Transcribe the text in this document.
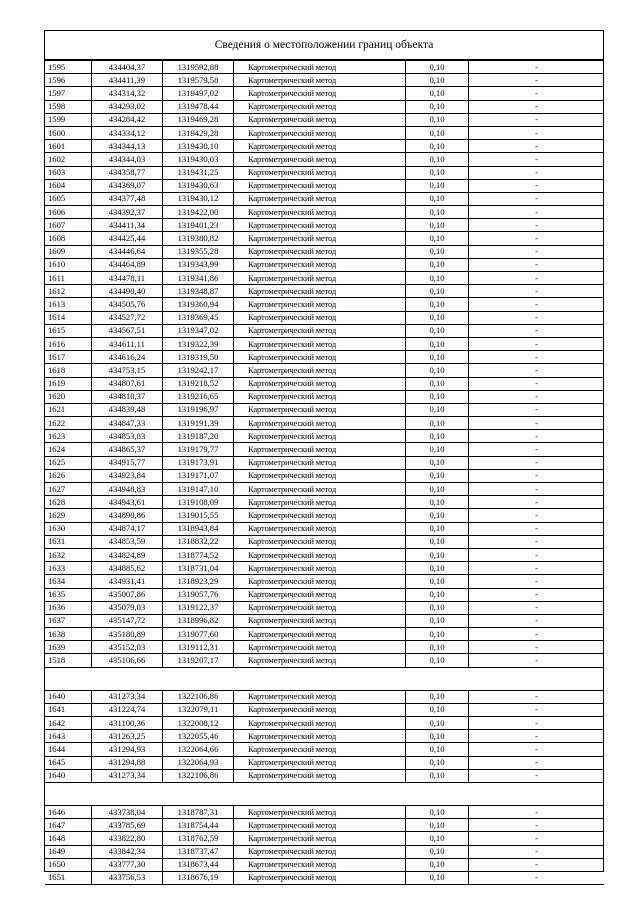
Сведения о местоположении границ объекта
1595	434404,37	1319592,88	Картометрический метод	0,10	-
1596	434411,39	1319579,58	Картометрический метод	0,10	-
1597	434314,32	1319497,02	Картометрический метод	0,10	-
1598	434293,02	1319478,44	Картометрический метод	0,10	-
1599	434284,42	1319469,28	Картометрический метод	0,10	-
1600	434334,12	1319429,28	Картометрический метод	0,10	-
1601	434344,13	1319430,10	Картометрический метод	0,10	-
1602	434344,03	1319430,03	Картометрический метод	0,10	-
1603	434358,77	1319431,25	Картометрический метод	0,10	-
1604	434369,07	1319430,63	Картометрический метод	0,10	-
1605	434377,48	1319430,12	Картометрический метод	0,10	-
1606	434392,37	1319422,00	Картометрический метод	0,10	-
1607	434411,34	1319401,23	Картометрический метод	0,10	-
1608	434425,44	1319380,82	Картометрический метод	0,10	-
1609	434446,64	1319355,28	Картометрический метод	0,10	-
1610	434464,89	1319343,99	Картометрический метод	0,10	-
1611	434478,11	1319341,86	Картометрический метод	0,10	-
1612	434490,40	1319348,87	Картометрический метод	0,10	-
1613	434505,76	1319360,94	Картометрический метод	0,10	-
1614	434527,72	1319369,45	Картометрический метод	0,10	-
1615	434567,51	1319347,02	Картометрический метод	0,10	-
1616	434611,11	1319322,39	Картометрический метод	0,10	-
1617	434616,24	1319319,50	Картометрический метод	0,10	-
1618	434753,15	1319242,17	Картометрический метод	0,10	-
1619	434807,61	1319218,52	Картометрический метод	0,10	-
1620	434810,37	1319216,65	Картометрический метод	0,10	-
1621	434839,48	1319196,97	Картометрический метод	0,10	-
1622	434847,33	1319191,39	Картометрический метод	0,10	-
1623	434853,83	1319187,20	Картометрический метод	0,10	-
1624	434865,37	1319179,77	Картометрический метод	0,10	-
1625	434915,77	1319173,91	Картометрический метод	0,10	-
1626	434923,84	1319171,07	Картометрический метод	0,10	-
1627	434948,83	1319147,10	Картометрический метод	0,10	-
1628	434943,61	1319108,09	Картометрический метод	0,10	-
1629	434890,86	1319015,55	Картометрический метод	0,10	-
1630	434874,17	1318943,84	Картометрический метод	0,10	-
1631	434853,59	1318832,22	Картометрический метод	0,10	-
1632	434824,89	1318774,52	Картометрический метод	0,10	-
1633	434885,62	1318731,04	Картометрический метод	0,10	-
1634	434931,41	1318923,29	Картометрический метод	0,10	-
1635	435007,86	1319057,76	Картометрический метод	0,10	-
1636	435079,03	1319122,37	Картометрический метод	0,10	-
1637	435147,72	1318996,82	Картометрический метод	0,10	-
1638	435180,89	1319077,60	Картометрический метод	0,10	-
1639	435152,03	1319112,31	Картометрический метод	0,10	-
1518	435106,66	1319207,17	Картометрический метод	0,10	-

1640	431273,34	1322106,86	Картометрический метод	0,10	-
1641	431224,74	1322079,11	Картометрический метод	0,10	-
1642	431100,36	1322008,12	Картометрический метод	0,10	-
1643	431263,25	1322055,46	Картометрический метод	0,10	-
1644	431294,93	1322064,66	Картометрический метод	0,10	-
1645	431294,88	1322064,93	Картометрический метод	0,10	-
1640	431273,34	1322106,86	Картометрический метод	0,10	-

1646	433738,04	1318787,31	Картометрический метод	0,10	-
1647	433785,69	1318754,44	Картометрический метод	0,10	-
1648	433822,80	1318762,59	Картометрический метод	0,10	-
1649	433842,34	1318737,47	Картометрический метод	0,10	-
1650	433777,30	1318673,44	Картометрический метод	0,10	-
1651	433756,53	1318676,19	Картометрический метод	0,10	-
